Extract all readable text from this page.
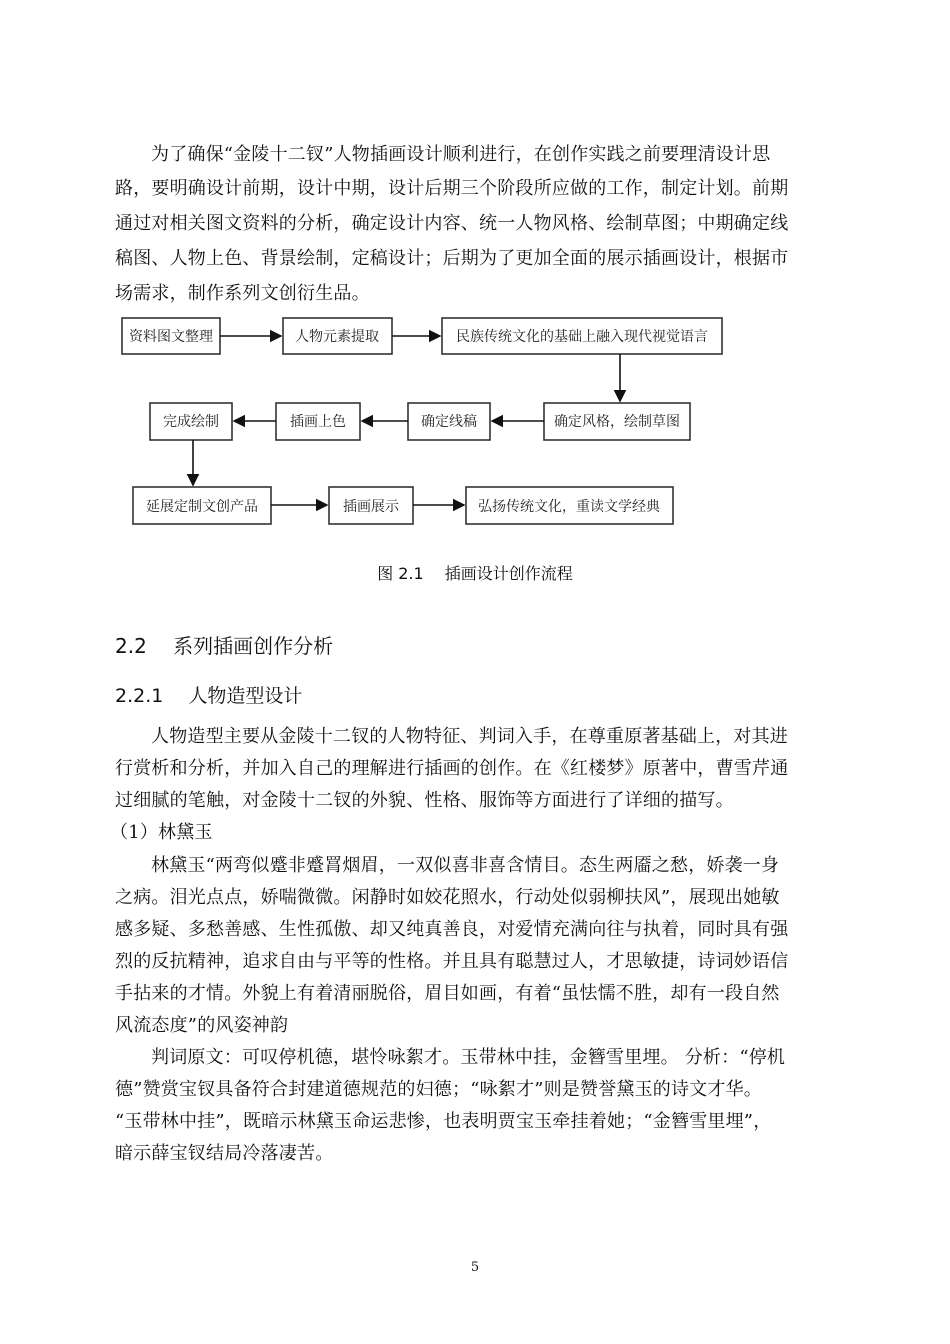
为了确保“金陵十二钗”人物插画设计顺利进行，在创作实践之前要理清设计思
路，要明确设计前期，设计中期，设计后期三个阶段所应做的工作，制定计划。前期
通过对相关图文资料的分析，确定设计内容、统一人物风格、绘制草图；中期确定线
稿图、人物上色、背景绘制，定稿设计；后期为了更加全面的展示插画设计，根据市
场需求，制作系列文创衍生品。
资料图文整理	人物元素提取	民族传统文化的基础上融入现代视觉语言
完成绘制	插画上色	确定线稿	确定风格，绘制草图
延展定制文创产品	插画展示	弘扬传统文化，重读文学经典
图 2.1　 插画设计创作流程
2.2　 系列插画创作分析
2.2.1　 人物造型设计
人物造型主要从金陵十二钗的人物特征、判词入手，在尊重原著基础上，对其进
行赏析和分析，并加入自己的理解进行插画的创作。在《红楼梦》原著中，曹雪芹通
过细腻的笔触，对金陵十二钗的外貌、性格、服饰等方面进行了详细的描写。
（1）林黛玉
林黛玉“两弯似蹙非蹙罥烟眉，一双似喜非喜含情目。态生两靥之愁，娇袭一身
之病。泪光点点，娇喘微微。闲静时如姣花照水，行动处似弱柳扶风”，展现出她敏
感多疑、多愁善感、生性孤傲、却又纯真善良，对爱情充满向往与执着，同时具有强
烈的反抗精神，追求自由与平等的性格。并且具有聪慧过人，才思敏捷，诗词妙语信
手拈来的才情。外貌上有着清丽脱俗，眉目如画，有着“虽怯懦不胜，却有一段自然
风流态度”的风姿神韵
判词原文：可叹停机德，堪怜咏絮才。玉带林中挂，金簪雪里埋。 分析：“停机
德”赞赏宝钗具备符合封建道德规范的妇德；“咏絮才”则是赞誉黛玉的诗文才华。
“玉带林中挂”，既暗示林黛玉命运悲惨，也表明贾宝玉牵挂着她；“金簪雪里埋”，
暗示薛宝钗结局冷落凄苦。
5
